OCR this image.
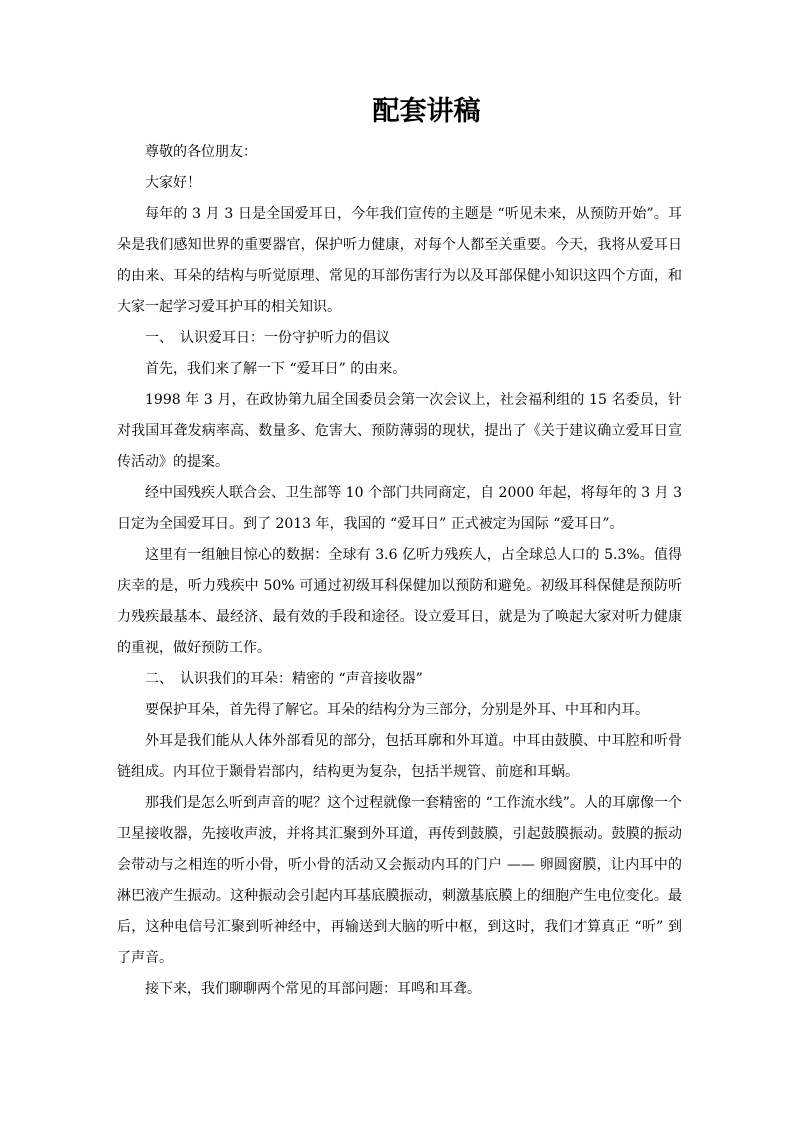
配套讲稿

尊敬的各位朋友：

大家好！

每年的 3 月 3 日是全国爱耳日，今年我们宣传的主题是 “听见未来，从预防开始”。耳朵是我们感知世界的重要器官，保护听力健康，对每个人都至关重要。今天，我将从爱耳日的由来、耳朵的结构与听觉原理、常见的耳部伤害行为以及耳部保健小知识这四个方面，和大家一起学习爱耳护耳的相关知识。

一、　认识爱耳日：一份守护听力的倡议

首先，我们来了解一下 “爱耳日” 的由来。

1998 年 3 月，在政协第九届全国委员会第一次会议上，社会福利组的 15 名委员，针对我国耳聋发病率高、数量多、危害大、预防薄弱的现状，提出了《关于建议确立爱耳日宣传活动》的提案。

经中国残疾人联合会、卫生部等 10 个部门共同商定，自 2000 年起，将每年的 3 月 3 日定为全国爱耳日。到了 2013 年，我国的 “爱耳日” 正式被定为国际 “爱耳日”。

这里有一组触目惊心的数据：全球有 3.6 亿听力残疾人，占全球总人口的 5.3%。值得庆幸的是，听力残疾中 50% 可通过初级耳科保健加以预防和避免。初级耳科保健是预防听力残疾最基本、最经济、最有效的手段和途径。设立爱耳日，就是为了唤起大家对听力健康的重视，做好预防工作。

二、　认识我们的耳朵：精密的 “声音接收器”

要保护耳朵，首先得了解它。耳朵的结构分为三部分，分别是外耳、中耳和内耳。

外耳是我们能从人体外部看见的部分，包括耳廓和外耳道。中耳由鼓膜、中耳腔和听骨链组成。内耳位于颞骨岩部内，结构更为复杂，包括半规管、前庭和耳蜗。

那我们是怎么听到声音的呢？这个过程就像一套精密的 “工作流水线”。人的耳廓像一个卫星接收器，先接收声波，并将其汇聚到外耳道，再传到鼓膜，引起鼓膜振动。鼓膜的振动会带动与之相连的听小骨，听小骨的活动又会振动内耳的门户 —— 卵圆窗膜，让内耳中的淋巴液产生振动。这种振动会引起内耳基底膜振动，刺激基底膜上的细胞产生电位变化。最后，这种电信号汇聚到听神经中，再输送到大脑的听中枢，到这时，我们才算真正 “听” 到了声音。

接下来，我们聊聊两个常见的耳部问题：耳鸣和耳聋。
